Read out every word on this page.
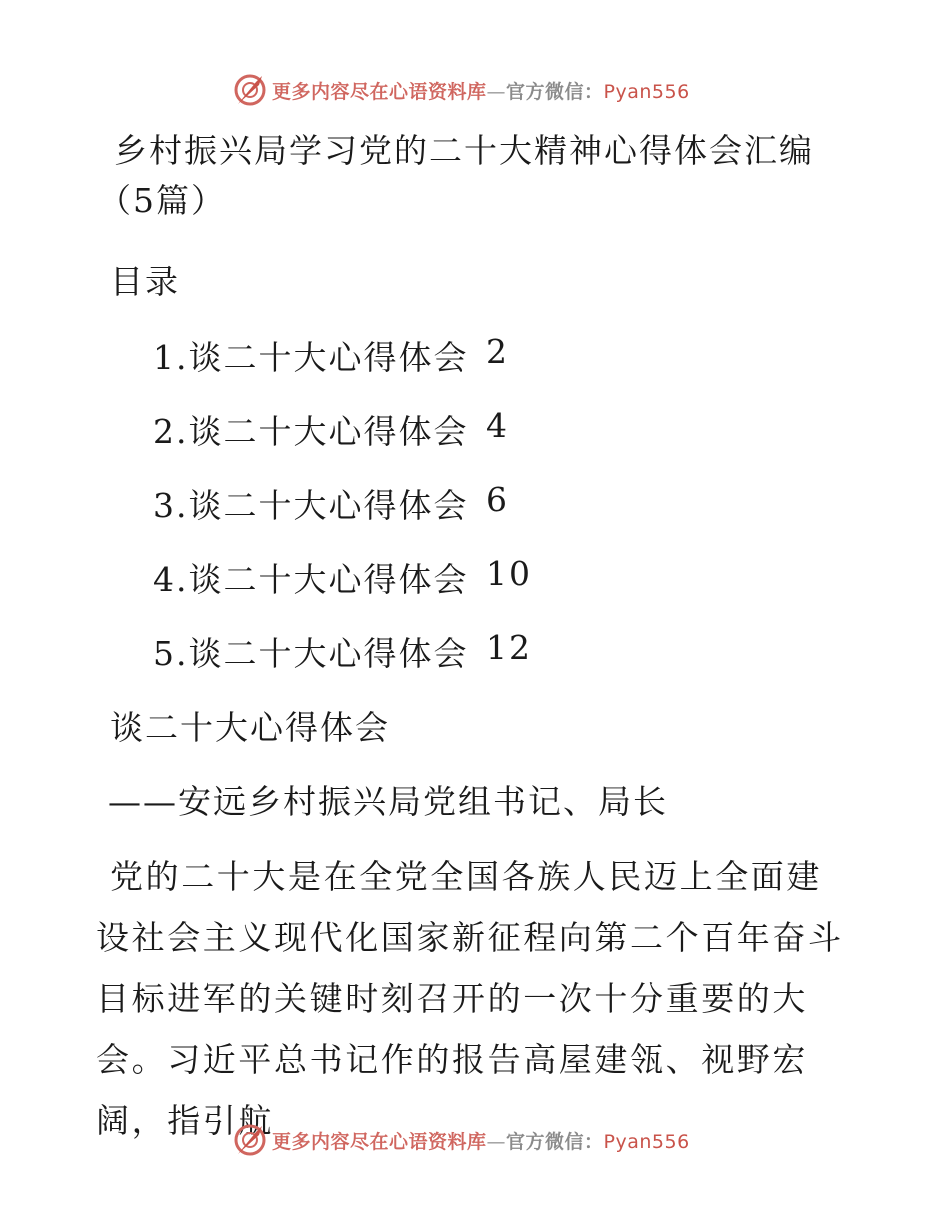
更多内容尽在心语资料库—官方微信：Pyan556
乡村振兴局学习党的二十大精神心得体会汇编（5篇）
目录
1.谈二十大心得体会 2
2.谈二十大心得体会 4
3.谈二十大心得体会 6
4.谈二十大心得体会 10
5.谈二十大心得体会 12
谈二十大心得体会
——安远乡村振兴局党组书记、局长
党的二十大是在全党全国各族人民迈上全面建设社会主义现代化国家新征程向第二个百年奋斗目标进军的关键时刻召开的一次十分重要的大会。习近平总书记作的报告高屋建瓴、视野宏阔，指引航
更多内容尽在心语资料库—官方微信：Pyan556
